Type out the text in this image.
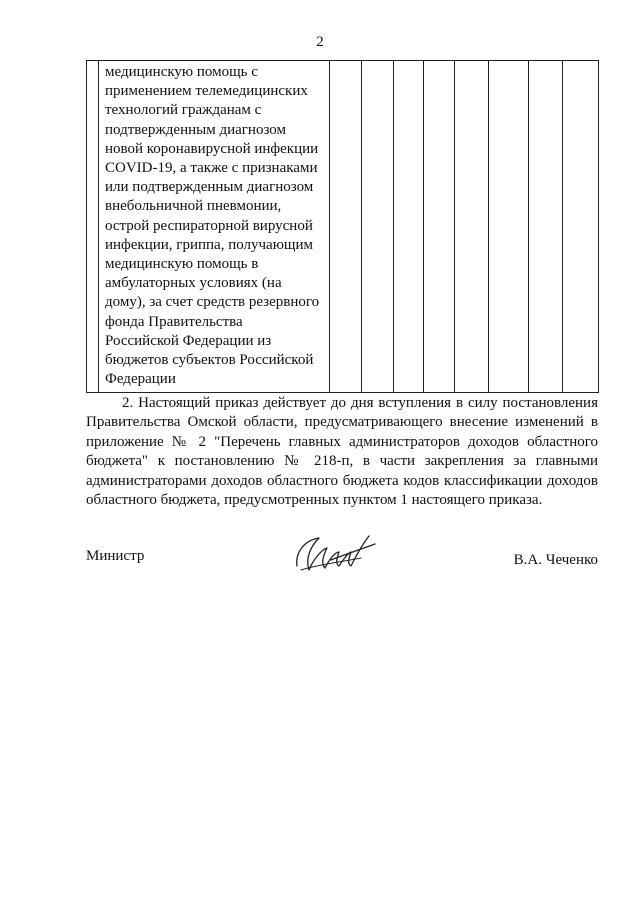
2

медицинскую помощь с
применением телемедицинских
технологий гражданам с
подтвержденным диагнозом
новой коронавирусной инфекции
COVID-19, а также с признаками
или подтвержденным диагнозом
внебольничной пневмонии,
острой респираторной вирусной
инфекции, гриппа, получающим
медицинскую помощь в
амбулаторных условиях (на
дому), за счет средств резервного
фонда Правительства
Российской Федерации из
бюджетов субъектов Российской
Федерации

2. Настоящий приказ действует до дня вступления в силу постановления Правительства Омской области, предусматривающего внесение изменений в приложение № 2 "Перечень главных администраторов доходов областного бюджета" к постановлению № 218-п, в части закрепления за главными администраторами доходов областного бюджета кодов классификации доходов областного бюджета, предусмотренных пунктом 1 настоящего приказа.

Министр	В.А. Чеченко
